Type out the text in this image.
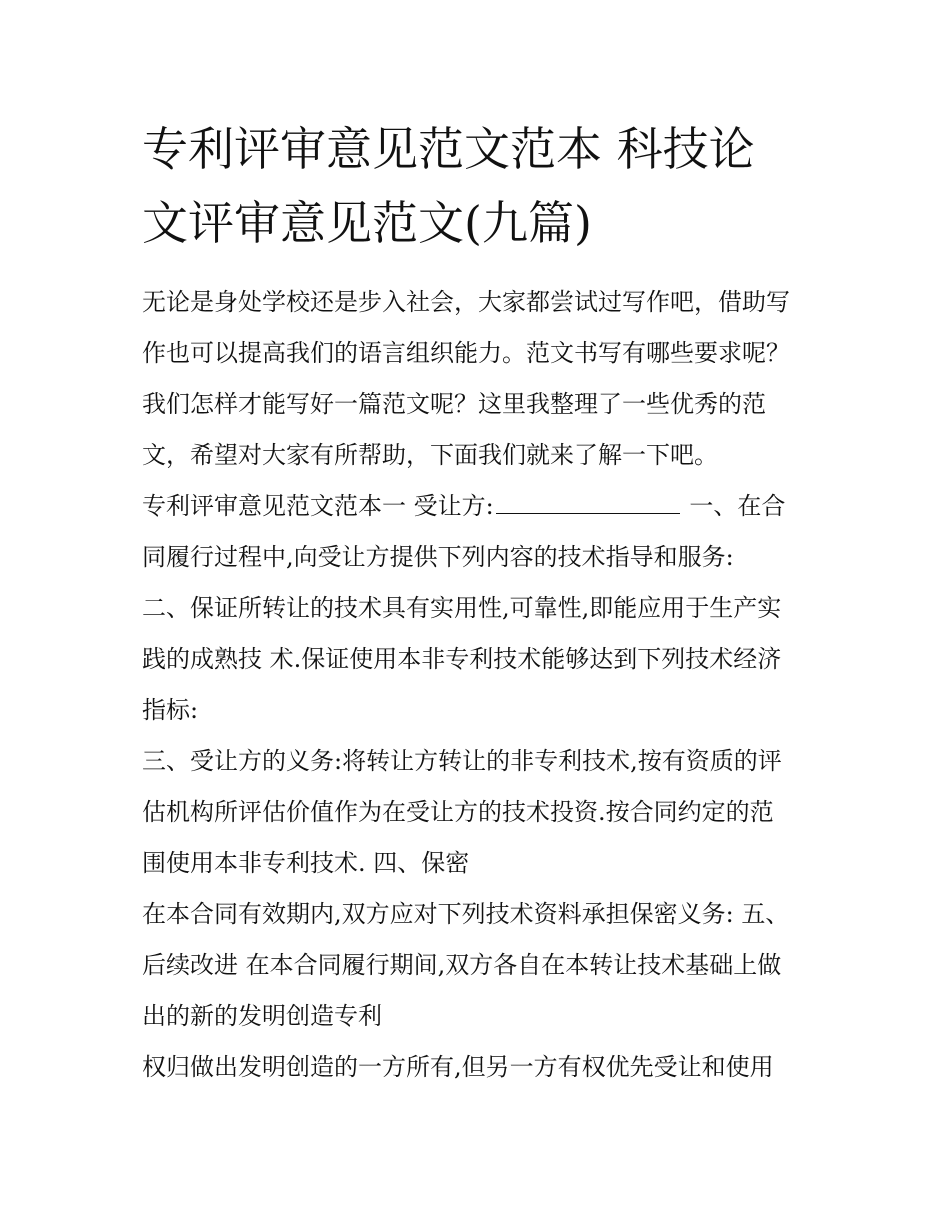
专利评审意见范文范本 科技论
文评审意见范文(九篇)
无论是身处学校还是步入社会，大家都尝试过写作吧，借助写
作也可以提高我们的语言组织能力。范文书写有哪些要求呢？
我们怎样才能写好一篇范文呢？这里我整理了一些优秀的范
文，希望对大家有所帮助，下面我们就来了解一下吧。
专利评审意见范文范本一 受让方:	一、在合
同履行过程中,向受让方提供下列内容的技术指导和服务:
二、保证所转让的技术具有实用性,可靠性,即能应用于生产实
践的成熟技 术.保证使用本非专利技术能够达到下列技术经济
指标:
三、受让方的义务:将转让方转让的非专利技术,按有资质的评
估机构所评估价值作为在受让方的技术投资.按合同约定的范
围使用本非专利技术. 四、保密
在本合同有效期内,双方应对下列技术资料承担保密义务: 五、
后续改进 在本合同履行期间,双方各自在本转让技术基础上做
出的新的发明创造专利
权归做出发明创造的一方所有,但另一方有权优先受让和使用
